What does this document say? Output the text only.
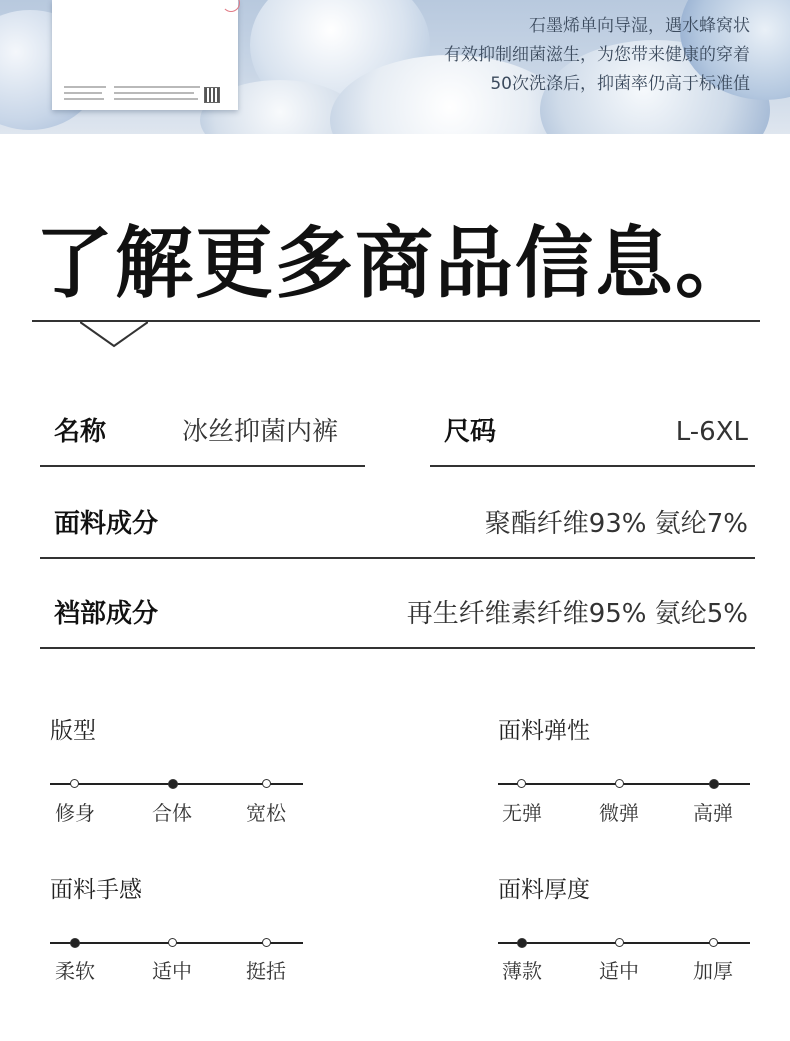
石墨烯单向导湿，遇水蜂窝状
有效抑制细菌滋生，为您带来健康的穿着
50次洗涤后，抑菌率仍高于标准值
了解更多商品信息。
名称	冰丝抑菌内裤	尺码	L-6XL
面料成分	聚酯纤维93% 氨纶7%
裆部成分	再生纤维素纤维95% 氨纶5%
版型
修身	合体	宽松
面料弹性
无弹	微弹	高弹
面料手感
柔软	适中	挺括
面料厚度
薄款	适中	加厚
